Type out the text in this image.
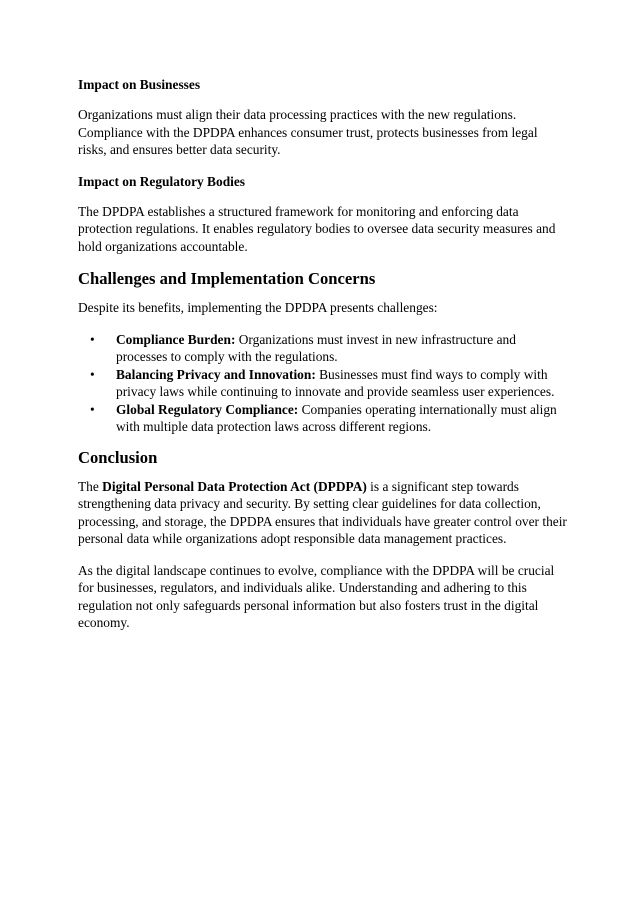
Impact on Businesses

Organizations must align their data processing practices with the new regulations. Compliance with the DPDPA enhances consumer trust, protects businesses from legal risks, and ensures better data security.

Impact on Regulatory Bodies

The DPDPA establishes a structured framework for monitoring and enforcing data protection regulations. It enables regulatory bodies to oversee data security measures and hold organizations accountable.

Challenges and Implementation Concerns

Despite its benefits, implementing the DPDPA presents challenges:

• Compliance Burden: Organizations must invest in new infrastructure and processes to comply with the regulations.
• Balancing Privacy and Innovation: Businesses must find ways to comply with privacy laws while continuing to innovate and provide seamless user experiences.
• Global Regulatory Compliance: Companies operating internationally must align with multiple data protection laws across different regions.
Conclusion

The Digital Personal Data Protection Act (DPDPA) is a significant step towards strengthening data privacy and security. By setting clear guidelines for data collection, processing, and storage, the DPDPA ensures that individuals have greater control over their personal data while organizations adopt responsible data management practices.

As the digital landscape continues to evolve, compliance with the DPDPA will be crucial for businesses, regulators, and individuals alike. Understanding and adhering to this regulation not only safeguards personal information but also fosters trust in the digital economy.
